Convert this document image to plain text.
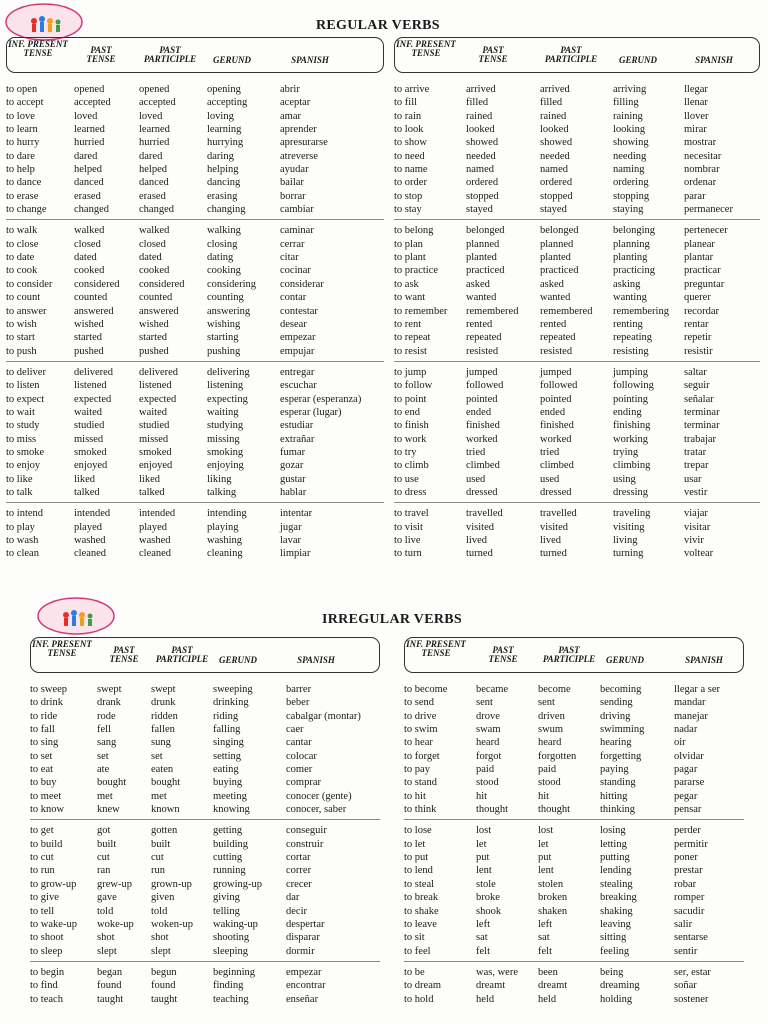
REGULAR VERBS
IRREGULAR VERBS
INF. PRESENT TENSE	PAST TENSE
PAST PARTICIPLE	GERUND	SPANISH
to open	opened	opened	opening	abrir
to accept	accepted	accepted	accepting	aceptar
to love	loved	loved	loving	amar
to learn	learned	learned	learning	aprender
to hurry	hurried	hurried	hurrying	apresurarse
to dare	dared	dared	daring	atreverse
to help	helped	helped	helping	ayudar
to dance	danced	danced	dancing	bailar
to erase	erased	erased	erasing	borrar
to change	changed	changed	changing	cambiar
to walk	walked	walked	walking	caminar
to close	closed	closed	closing	cerrar
to date	dated	dated	dating	citar
to cook	cooked	cooked	cooking	cocinar
to consider	considered	considered	considering	considerar
to count	counted	counted	counting	contar
to answer	answered	answered	answering	contestar
to wish	wished	wished	wishing	desear
to start	started	started	starting	empezar
to push	pushed	pushed	pushing	empujar
to deliver	delivered	delivered	delivering	entregar
to listen	listened	listened	listening	escuchar
to expect	expected	expected	expecting	esperar (esperanza)
to wait	waited	waited	waiting	esperar (lugar)
to study	studied	studied	studying	estudiar
to miss	missed	missed	missing	extrañar
to smoke	smoked	smoked	smoking	fumar
to enjoy	enjoyed	enjoyed	enjoying	gozar
to like	liked	liked	liking	gustar
to talk	talked	talked	talking	hablar
to intend	intended	intended	intending	intentar
to play	played	played	playing	jugar
to wash	washed	washed	washing	lavar
to clean	cleaned	cleaned	cleaning	limpiar
INF. PRESENT TENSE	PAST TENSE
PAST PARTICIPLE	GERUND	SPANISH
to arrive	arrived	arrived	arriving	llegar
to fill	filled	filled	filling	llenar
to rain	rained	rained	raining	llover
to look	looked	looked	looking	mirar
to show	showed	showed	showing	mostrar
to need	needed	needed	needing	necesitar
to name	named	named	naming	nombrar
to order	ordered	ordered	ordering	ordenar
to stop	stopped	stopped	stopping	parar
to stay	stayed	stayed	staying	permanecer
to belong	belonged	belonged	belonging	pertenecer
to plan	planned	planned	planning	planear
to plant	planted	planted	planting	plantar
to practice	practiced	practiced	practicing	practicar
to ask	asked	asked	asking	preguntar
to want	wanted	wanted	wanting	querer
to remember	remembered	remembered	remembering	recordar
to rent	rented	rented	renting	rentar
to repeat	repeated	repeated	repeating	repetir
to resist	resisted	resisted	resisting	resistir
to jump	jumped	jumped	jumping	saltar
to follow	followed	followed	following	seguir
to point	pointed	pointed	pointing	señalar
to end	ended	ended	ending	terminar
to finish	finished	finished	finishing	terminar
to work	worked	worked	working	trabajar
to try	tried	tried	trying	tratar
to climb	climbed	climbed	climbing	trepar
to use	used	used	using	usar
to dress	dressed	dressed	dressing	vestir
to travel	travelled	travelled	traveling	viajar
to visit	visited	visited	visiting	visitar
to live	lived	lived	living	vivir
to turn	turned	turned	turning	voltear
INF. PRESENT TENSE	PAST TENSE
PAST PARTICIPLE	GERUND	SPANISH
to sweep	swept	swept	sweeping	barrer
to drink	drank	drunk	drinking	beber
to ride	rode	ridden	riding	cabalgar (montar)
to fall	fell	fallen	falling	caer
to sing	sang	sung	singing	cantar
to set	set	set	setting	colocar
to eat	ate	eaten	eating	comer
to buy	bought	bought	buying	comprar
to meet	met	met	meeting	conocer (gente)
to know	knew	known	knowing	conocer, saber
to get	got	gotten	getting	conseguir
to build	built	built	building	construir
to cut	cut	cut	cutting	cortar
to run	ran	run	running	correr
to grow-up	grew-up	grown-up	growing-up	crecer
to give	gave	given	giving	dar
to tell	told	told	telling	decir
to wake-up	woke-up	woken-up	waking-up	despertar
to shoot	shot	shot	shooting	disparar
to sleep	slept	slept	sleeping	dormir
to begin	began	begun	beginning	empezar
to find	found	found	finding	encontrar
to teach	taught	taught	teaching	enseñar
INF. PRESENT TENSE	PAST TENSE
PAST PARTICIPLE	GERUND	SPANISH
to become	became	become	becoming	llegar a ser
to send	sent	sent	sending	mandar
to drive	drove	driven	driving	manejar
to swim	swam	swum	swimming	nadar
to hear	heard	heard	hearing	oir
to forget	forgot	forgotten	forgetting	olvidar
to pay	paid	paid	paying	pagar
to stand	stood	stood	standing	pararse
to hit	hit	hit	hitting	pegar
to think	thought	thought	thinking	pensar
to lose	lost	lost	losing	perder
to let	let	let	letting	permitir
to put	put	put	putting	poner
to lend	lent	lent	lending	prestar
to steal	stole	stolen	stealing	robar
to break	broke	broken	breaking	romper
to shake	shook	shaken	shaking	sacudir
to leave	left	left	leaving	salir
to sit	sat	sat	sitting	sentarse
to feel	felt	felt	feeling	sentir
to be	was, were	been	being	ser, estar
to dream	dreamt	dreamt	dreaming	soñar
to hold	held	held	holding	sostener
